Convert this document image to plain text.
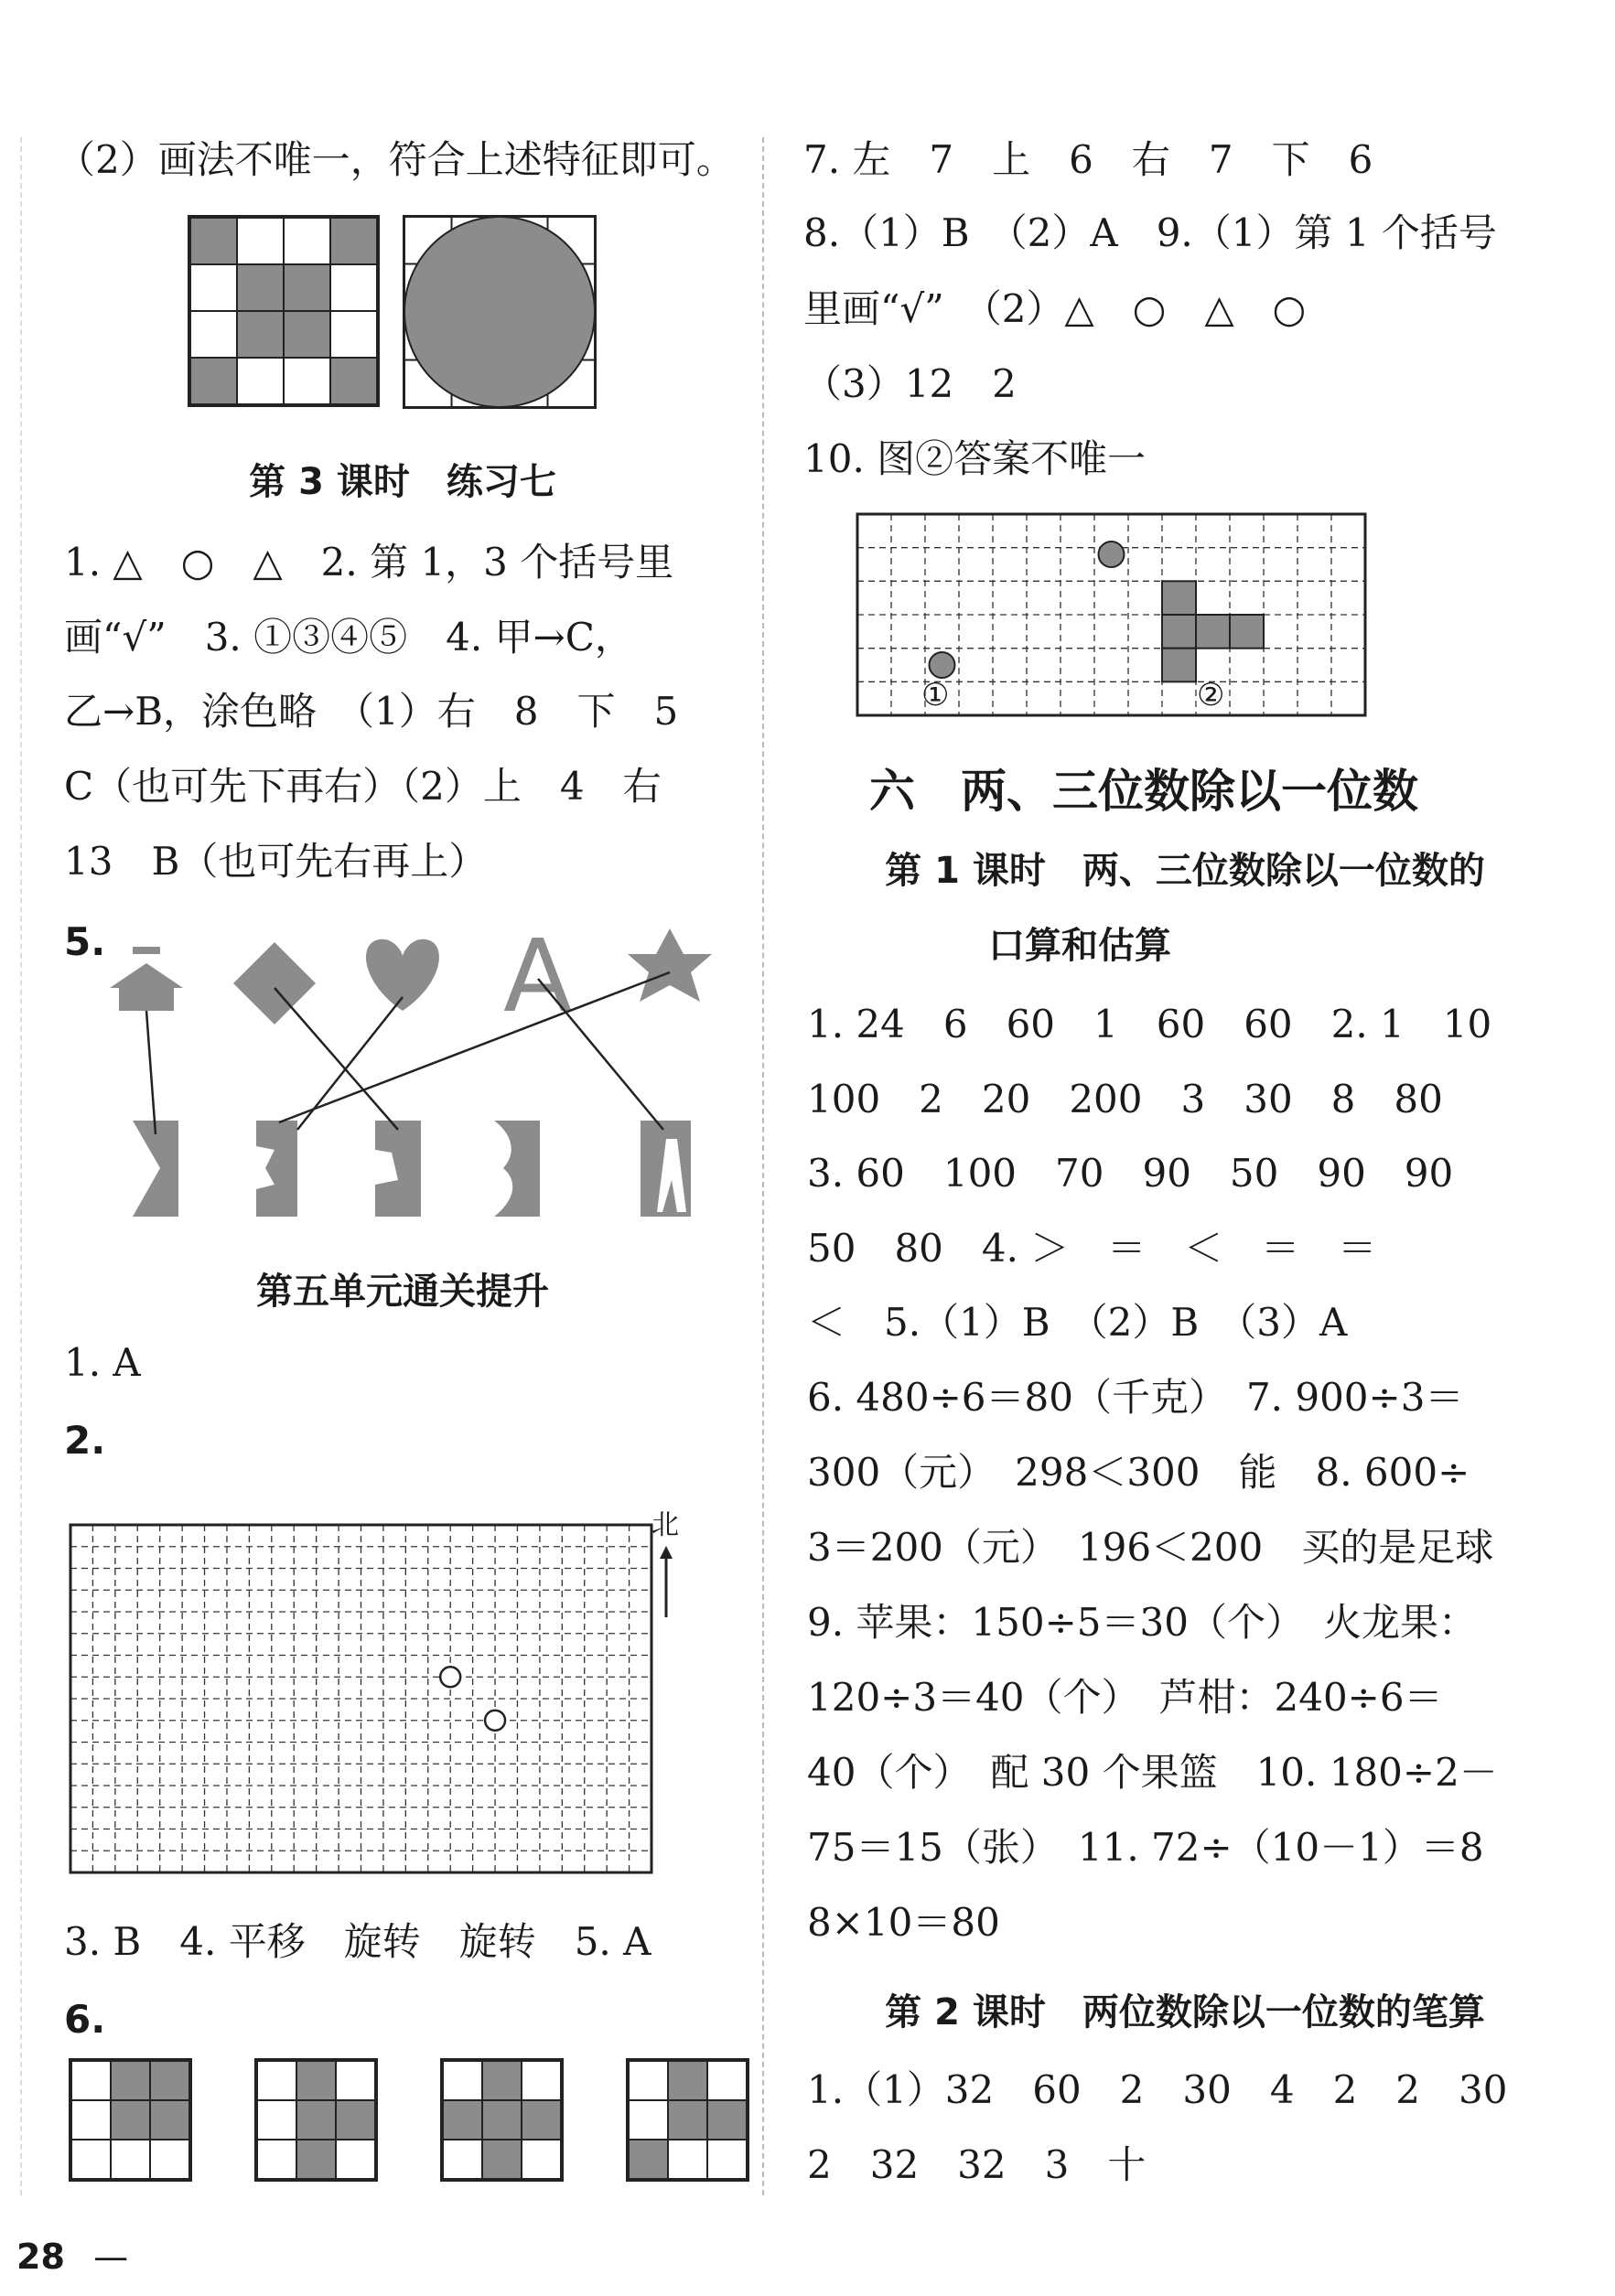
（2）画法不唯一，符合上述特征即可。
第 3 课时　练习七
1. △　○　△　2. 第 1，3 个括号里
画“√”　3. ①③④⑤　4. 甲→C，
乙→B，涂色略　（1）右　8　下　5
C（也可先下再右）（2）上　4　右
13　B（也可先右再上）
5.	A
第五单元通关提升
1. A
2.
北
3. B　4. 平移　旋转　旋转　5. A
6.
7. 左　7　上　6　右　7　下　6
8.（1）B　（2）A　9.（1）第 1 个括号
里画“√”　（2）△　○　△　○
（3）12　2
10. 图②答案不唯一
①	②
六　两、三位数除以一位数
第 1 课时　两、三位数除以一位数的
口算和估算
1. 24　6　60　1　60　60　2. 1　10
100　2　20　200　3　30　8　80
3. 60　100　70　90　50　90　90
50　80　4. ＞　＝　＜　＝　＝
＜　5.（1）B　（2）B　（3）A
6. 480÷6＝80（千克）　7. 900÷3＝
300（元）　298＜300　能　8. 600÷
3＝200（元）　196＜200　买的是足球
9. 苹果：150÷5＝30（个）　火龙果：
120÷3＝40（个）　芦柑：240÷6＝
40（个）　配 30 个果篮　10. 180÷2－
75＝15（张）　11. 72÷（10－1）＝8
8×10＝80
第 2 课时　两位数除以一位数的笔算
1.（1）32　60　2　30　4　2　2　30
2　32　32　3　十
28 —
